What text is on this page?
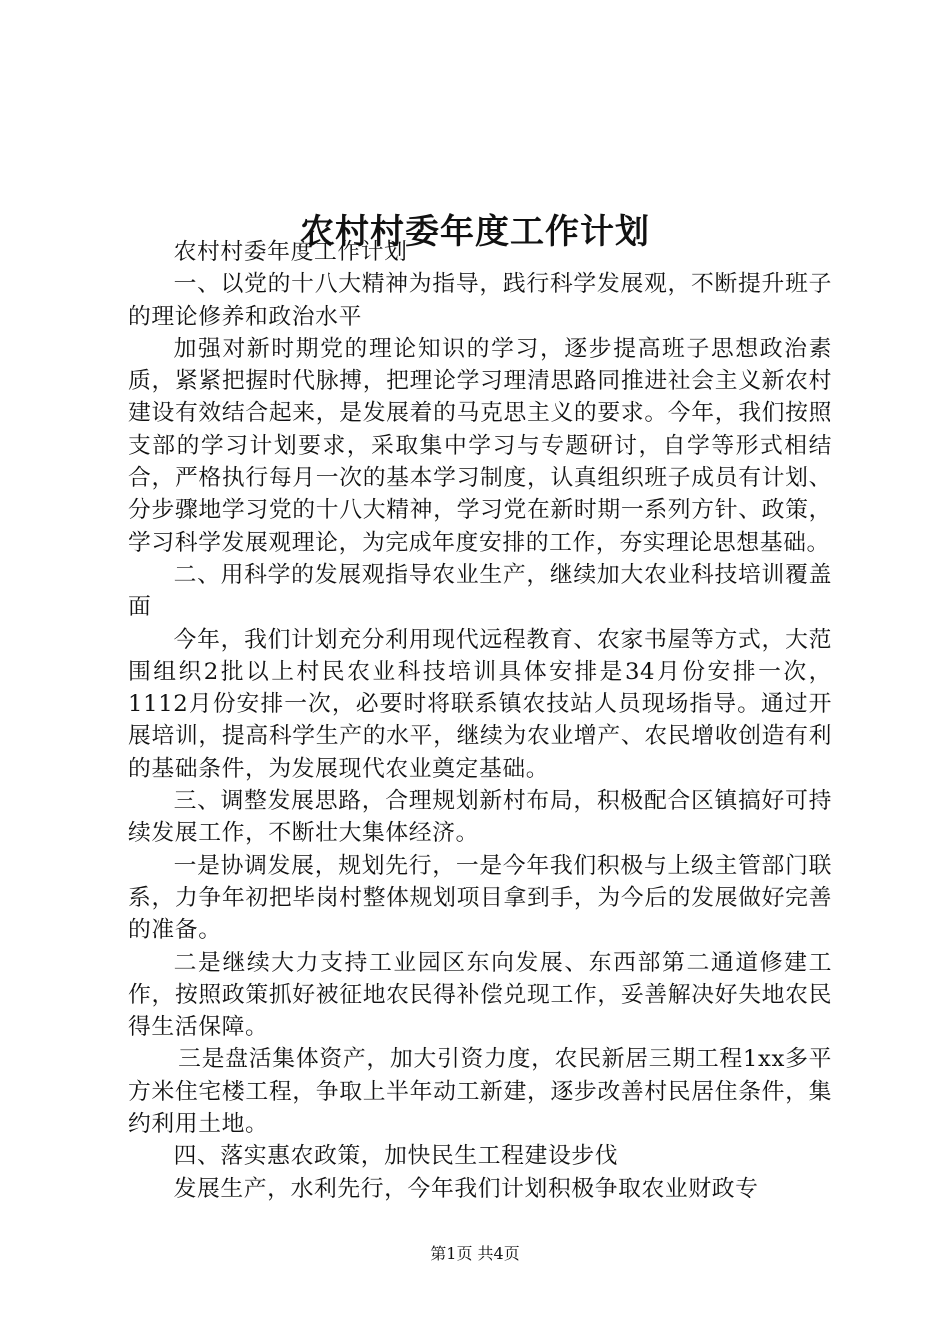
农村村委年度工作计划

农村村委年度工作计划

一、以党的十八大精神为指导，践行科学发展观，不断提升班子的理论修养和政治水平

加强对新时期党的理论知识的学习，逐步提高班子思想政治素质，紧紧把握时代脉搏，把理论学习理清思路同推进社会主义新农村建设有效结合起来，是发展着的马克思主义的要求。今年，我们按照支部的学习计划要求，采取集中学习与专题研讨，自学等形式相结合，严格执行每月一次的基本学习制度，认真组织班子成员有计划、分步骤地学习党的十八大精神，学习党在新时期一系列方针、政策，学习科学发展观理论，为完成年度安排的工作，夯实理论思想基础。

二、用科学的发展观指导农业生产，继续加大农业科技培训覆盖面

今年，我们计划充分利用现代远程教育、农家书屋等方式，大范围组织2批以上村民农业科技培训具体安排是34月份安排一次，1112月份安排一次，必要时将联系镇农技站人员现场指导。通过开展培训，提高科学生产的水平，继续为农业增产、农民增收创造有利的基础条件，为发展现代农业奠定基础。

三、调整发展思路，合理规划新村布局，积极配合区镇搞好可持续发展工作，不断壮大集体经济。

一是协调发展，规划先行，一是今年我们积极与上级主管部门联系，力争年初把毕岗村整体规划项目拿到手，为今后的发展做好完善的准备。

二是继续大力支持工业园区东向发展、东西部第二通道修建工作，按照政策抓好被征地农民得补偿兑现工作，妥善解决好失地农民得生活保障。

三是盘活集体资产，加大引资力度，农民新居三期工程1xx多平方米住宅楼工程，争取上半年动工新建，逐步改善村民居住条件，集约利用土地。

四、落实惠农政策，加快民生工程建设步伐

发展生产，水利先行，今年我们计划积极争取农业财政专

第1页 共4页
